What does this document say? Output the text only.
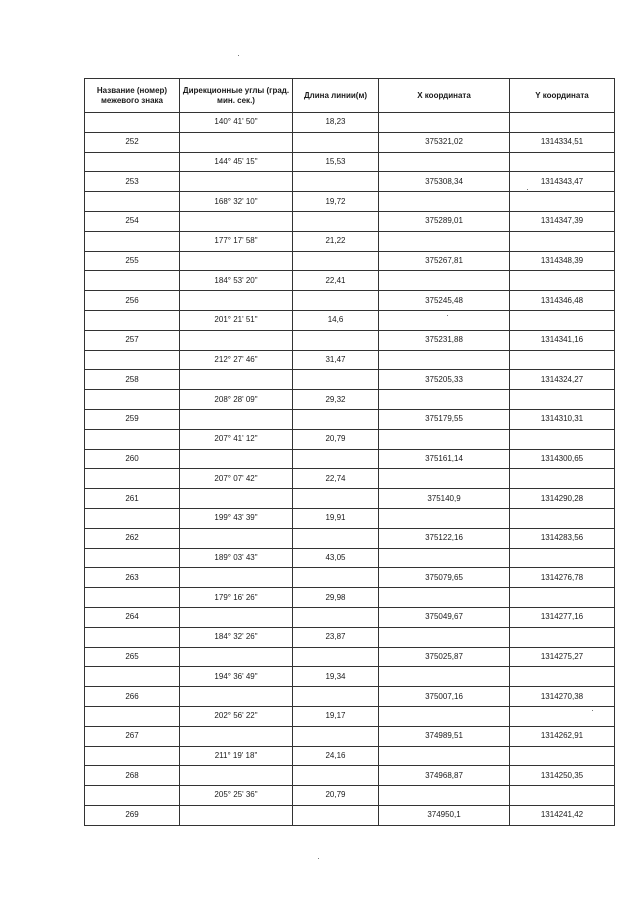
Название (номер) межевого знака	Дирекционные углы (град. мин. сек.)	Длина линии(м)	X координата	Y координата
	140° 41' 50"	18,23		
252			375321,02	1314334,51
	144° 45' 15"	15,53		
253			375308,34	1314343,47
	168° 32' 10"	19,72		
254			375289,01	1314347,39
	177° 17' 58"	21,22		
255			375267,81	1314348,39
	184° 53' 20"	22,41		
256			375245,48	1314346,48
	201° 21' 51"	14,6		
257			375231,88	1314341,16
	212° 27' 46"	31,47		
258			375205,33	1314324,27
	208° 28' 09"	29,32		
259			375179,55	1314310,31
	207° 41' 12"	20,79		
260			375161,14	1314300,65
	207° 07' 42"	22,74		
261			375140,9	1314290,28
	199° 43' 39"	19,91		
262			375122,16	1314283,56
	189° 03' 43"	43,05		
263			375079,65	1314276,78
	179° 16' 26"	29,98		
264			375049,67	1314277,16
	184° 32' 26"	23,87		
265			375025,87	1314275,27
	194° 36' 49"	19,34		
266			375007,16	1314270,38
	202° 56' 22"	19,17		
267			374989,51	1314262,91
	211° 19' 18"	24,16		
268			374968,87	1314250,35
	205° 25' 36"	20,79		
269			374950,1	1314241,42
